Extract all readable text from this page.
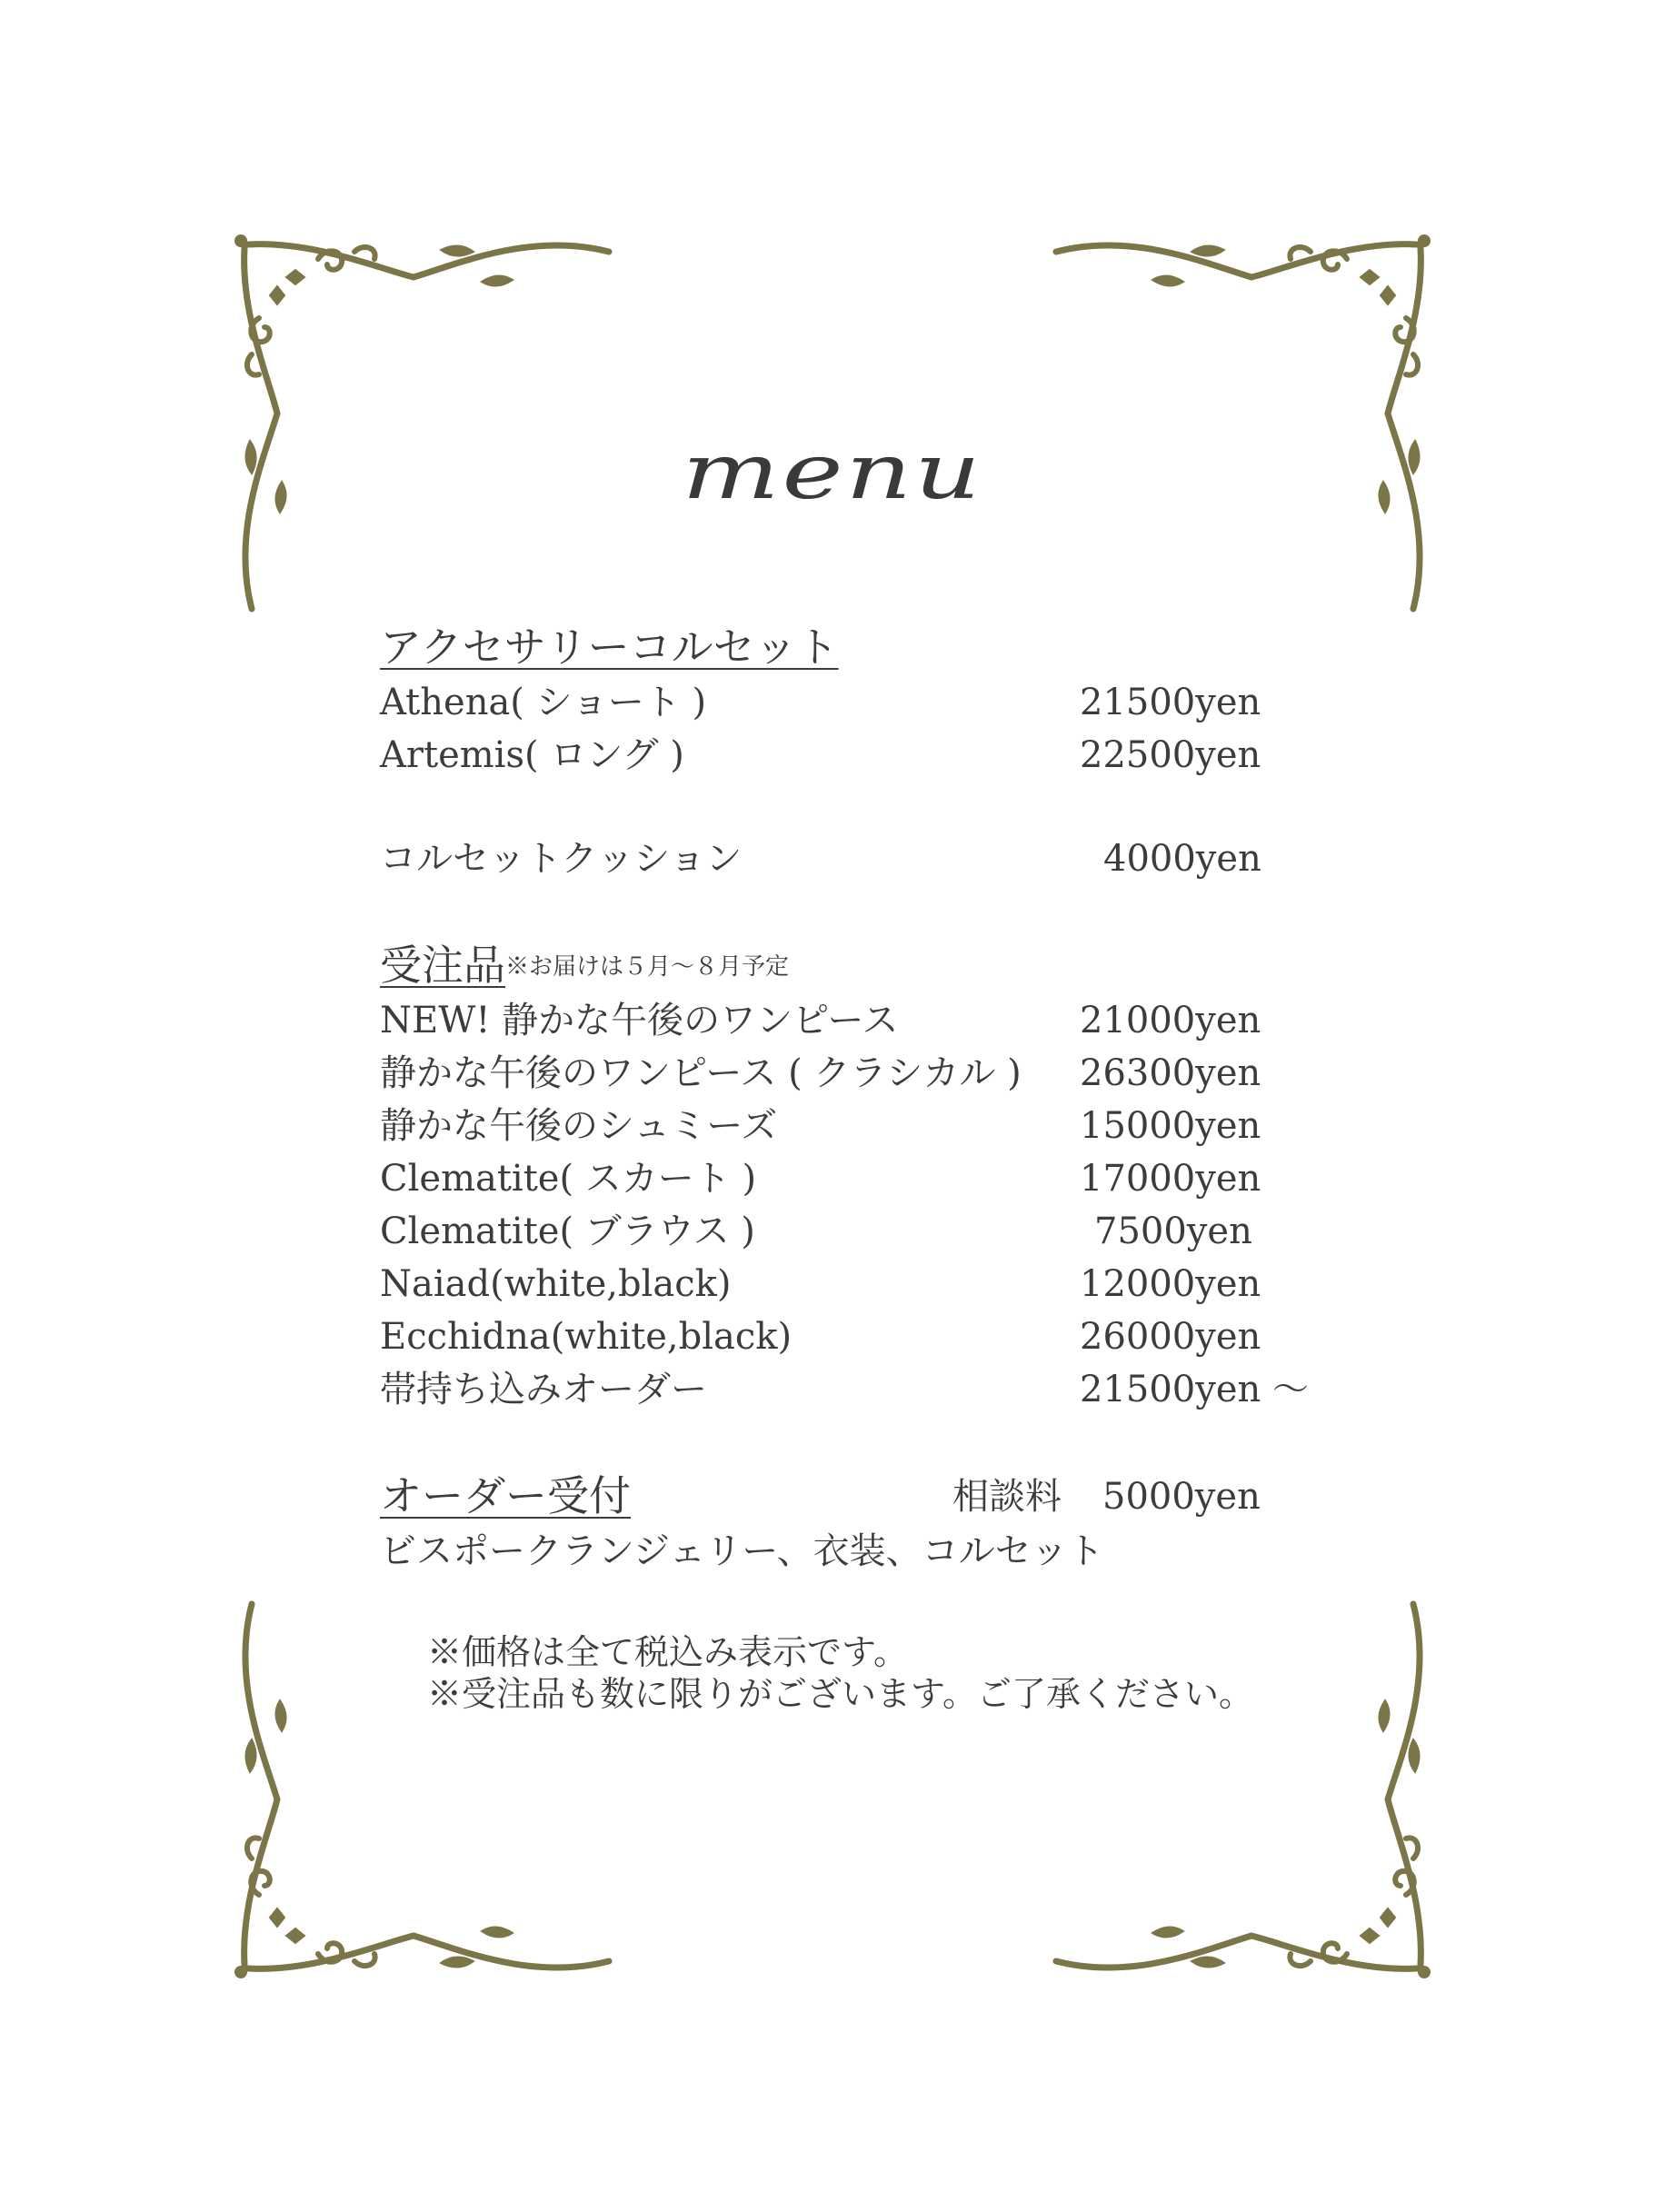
menu
アクセサリーコルセット
Athena( ショート )	21500yen
Artemis( ロング )	22500yen
コルセットクッション	4000yen
受注品※お届けは５月～８月予定
NEW! 静かな午後のワンピース	21000yen
静かな午後のワンピース ( クラシカル ) 26300yen
静かな午後のシュミーズ	15000yen
Clematite( スカート )	17000yen
Clematite( ブラウス )	7500yen
Naiad(white,black)	12000yen
Ecchidna(white,black)	26000yen
帯持ち込みオーダー	21500yen ～
オーダー受付	相談料 5000yen
ビスポークランジェリー、衣装、コルセット
※価格は全て税込み表示です。
※受注品も数に限りがございます。ご了承ください。
